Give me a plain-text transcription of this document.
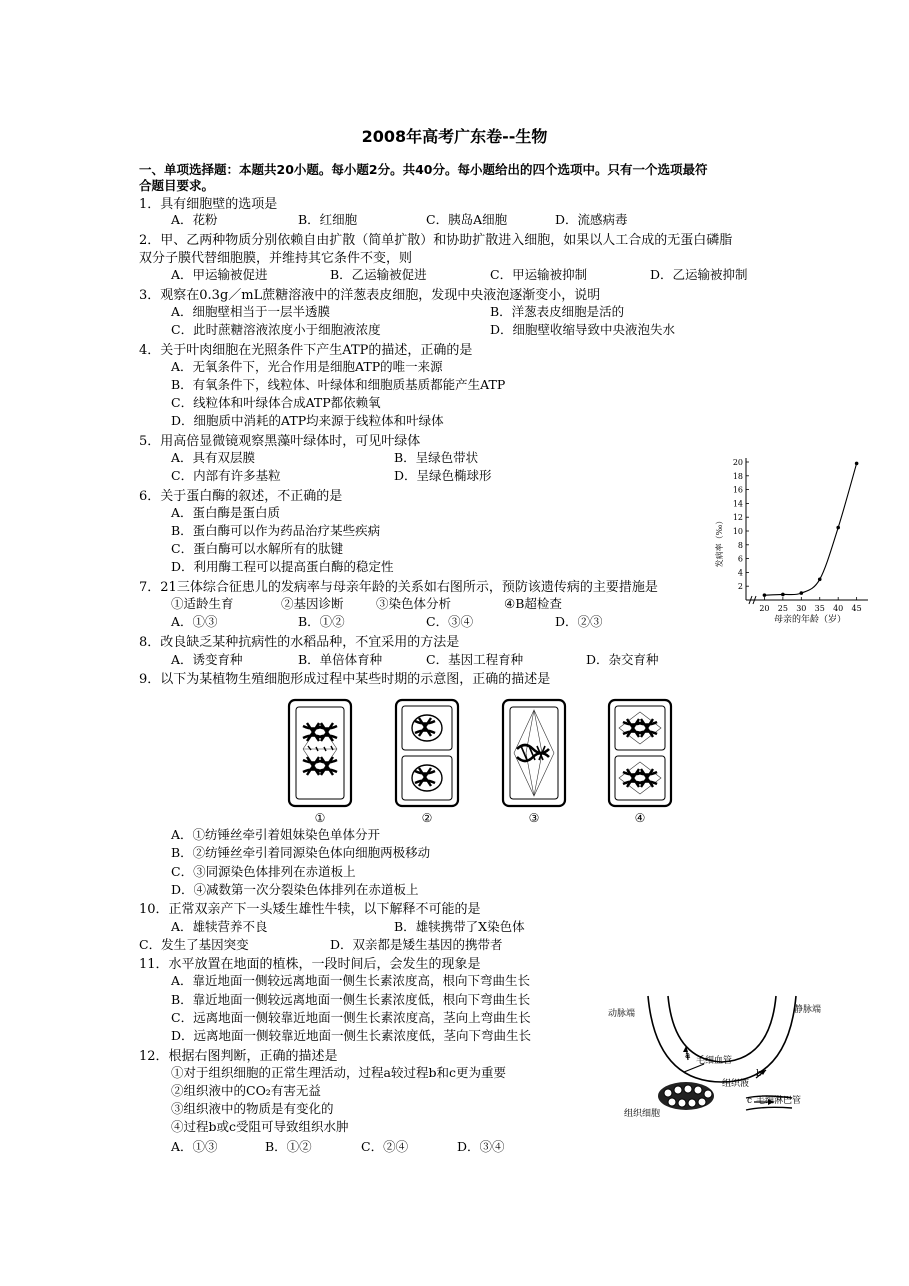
2008年高考广东卷--生物
一、单项选择题：本题共20小题。每小题2分。共40分。每小题给出的四个选项中。只有一个选项最符
合题目要求。
1．具有细胞壁的选项是
A．花粉	B．红细胞	C．胰岛A细胞	D．流感病毒
2．甲、乙两种物质分别依赖自由扩散（简单扩散）和协助扩散进入细胞，如果以人工合成的无蛋白磷脂
双分子膜代替细胞膜，并维持其它条件不变，则
A．甲运输被促进	B．乙运输被促进	C．甲运输被抑制	D．乙运输被抑制
3．观察在0.3g／mL蔗糖溶液中的洋葱表皮细胞，发现中央液泡逐渐变小，说明
A．细胞壁相当于一层半透膜	B．洋葱表皮细胞是活的
C．此时蔗糖溶液浓度小于细胞液浓度	D．细胞壁收缩导致中央液泡失水
4．关于叶肉细胞在光照条件下产生ATP的描述，正确的是
A．无氧条件下，光合作用是细胞ATP的唯一来源
B．有氧条件下，线粒体、叶绿体和细胞质基质都能产生ATP
C．线粒体和叶绿体合成ATP都依赖氧
D．细胞质中消耗的ATP均来源于线粒体和叶绿体
5．用高倍显微镜观察黑藻叶绿体时，可见叶绿体
A．具有双层膜	B．呈绿色带状
C．内部有许多基粒	D．呈绿色椭球形
6．关于蛋白酶的叙述，不正确的是
A．蛋白酶是蛋白质
B．蛋白酶可以作为药品治疗某些疾病
C．蛋白酶可以水解所有的肽键
D．利用酶工程可以提高蛋白酶的稳定性
7．21三体综合征患儿的发病率与母亲年龄的关系如右图所示，预防该遗传病的主要措施是
①适龄生育	②基因诊断	③染色体分析	④B超检查
A．①③	B．①②	C．③④	D．②③
8．改良缺乏某种抗病性的水稻品种，不宜采用的方法是
A．诱变育种	B．单倍体育种	C．基因工程育种	D．杂交育种
9．以下为某植物生殖细胞形成过程中某些时期的示意图，正确的描述是
①	②	③	④
A．①纺锤丝牵引着姐妹染色单体分开
B．②纺锤丝牵引着同源染色体向细胞两极移动
C．③同源染色体排列在赤道板上
D．④减数第一次分裂染色体排列在赤道板上
10．正常双亲产下一头矮生雄性牛犊，以下解释不可能的是
A．雄犊营养不良	B．雄犊携带了X染色体
C．发生了基因突变	D．双亲都是矮生基因的携带者
11．水平放置在地面的植株，一段时间后，会发生的现象是
A．靠近地面一侧较远离地面一侧生长素浓度高，根向下弯曲生长
B．靠近地面一侧较远离地面一侧生长素浓度低，根向下弯曲生长
C．远离地面一侧较靠近地面一侧生长素浓度高，茎向上弯曲生长
D．远离地面一侧较靠近地面一侧生长素浓度低，茎向下弯曲生长
12．根据右图判断，正确的描述是
①对于组织细胞的正常生理活动，过程a较过程b和c更为重要
②组织液中的CO₂有害无益
③组织液中的物质是有变化的
④过程b或c受阻可导致组织水肿
A．①③	B．①②	C．②④	D．③④
2
4
6
8
10
12
14
16
18
20
20 25 30 35 40 45
发病率（‰）
母亲的年龄（岁）
动脉端	静脉端
毛细血管
组织液
组织细胞
毛细淋巴管
a
b
c
